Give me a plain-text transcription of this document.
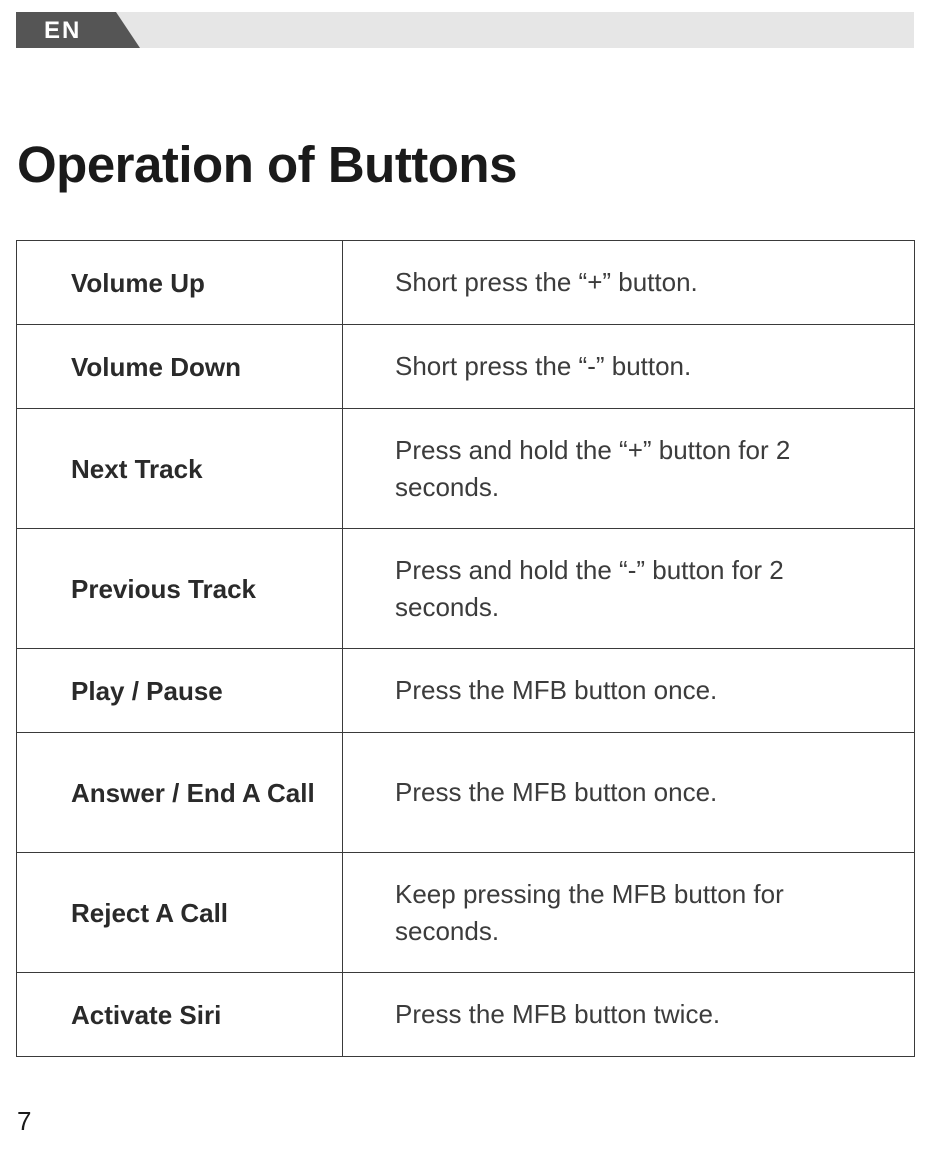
EN
Operation of Buttons
Volume Up	Short press the “+” button.
Volume Down	Short press the “-” button.
Next Track	Press and hold the “+” button for 2 seconds.
Previous Track	Press and hold the “-” button for 2 seconds.
Play / Pause	Press the MFB button once.
Answer / End A Call	Press the MFB button once.
Reject A Call	Keep pressing the MFB button for seconds.
Activate Siri	Press the MFB button twice.
7
